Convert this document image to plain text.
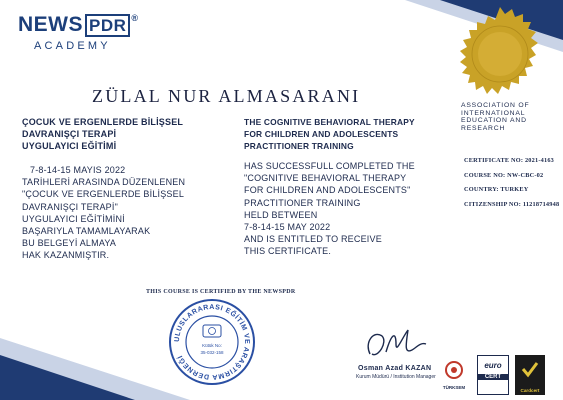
NEWS PDR ®
ACADEMY
ZÜLAL NUR ALMASARANI
ÇOCUK VE ERGENLERDE BİLİŞSEL
DAVRANIŞÇI TERAPİ
UYGULAYICI EĞİTİMİ
7-8-14-15 MAYIS 2022
TARİHLERİ ARASINDA DÜZENLENEN
"ÇOCUK VE ERGENLERDE BİLİŞSEL
DAVRANIŞÇI TERAPİ"
UYGULAYICI EĞİTİMİNİ
BAŞARIYLA TAMAMLAYARAK
BU BELGEYİ ALMAYA
HAK KAZANMIŞTIR.
THE COGNITIVE BEHAVIORAL THERAPY
FOR CHILDREN AND ADOLESCENTS
PRACTITIONER TRAINING
HAS SUCCESSFULL COMPLETED THE
"COGNITIVE BEHAVIORAL THERAPY
FOR CHILDREN AND ADOLESCENTS"
PRACTITIONER TRAINING
HELD BETWEEN
7-8-14-15 MAY 2022
AND IS ENTITLED TO RECEIVE
THIS CERTIFICATE.
ASSOCIATION OF
INTERNATIONAL
EDUCATION AND
RESEARCH
CERTIFICATE NO: 2021-4163
COURSE NO: NW-CBC-02
COUNTRY: TURKEY
CITIZENSHIP NO: 11218714948
THIS COURSE IS CERTIFIED BY THE NEWSPDR
ULUSLARARASI EĞİTİM VE ARAŞTIRMA DERNEĞİ
Kütük No:
35-032-158
Osman Azad KAZAN
Kurum Müdürü / Institution Manager
TÜRKSEM
euro
CERT
Cardcert
